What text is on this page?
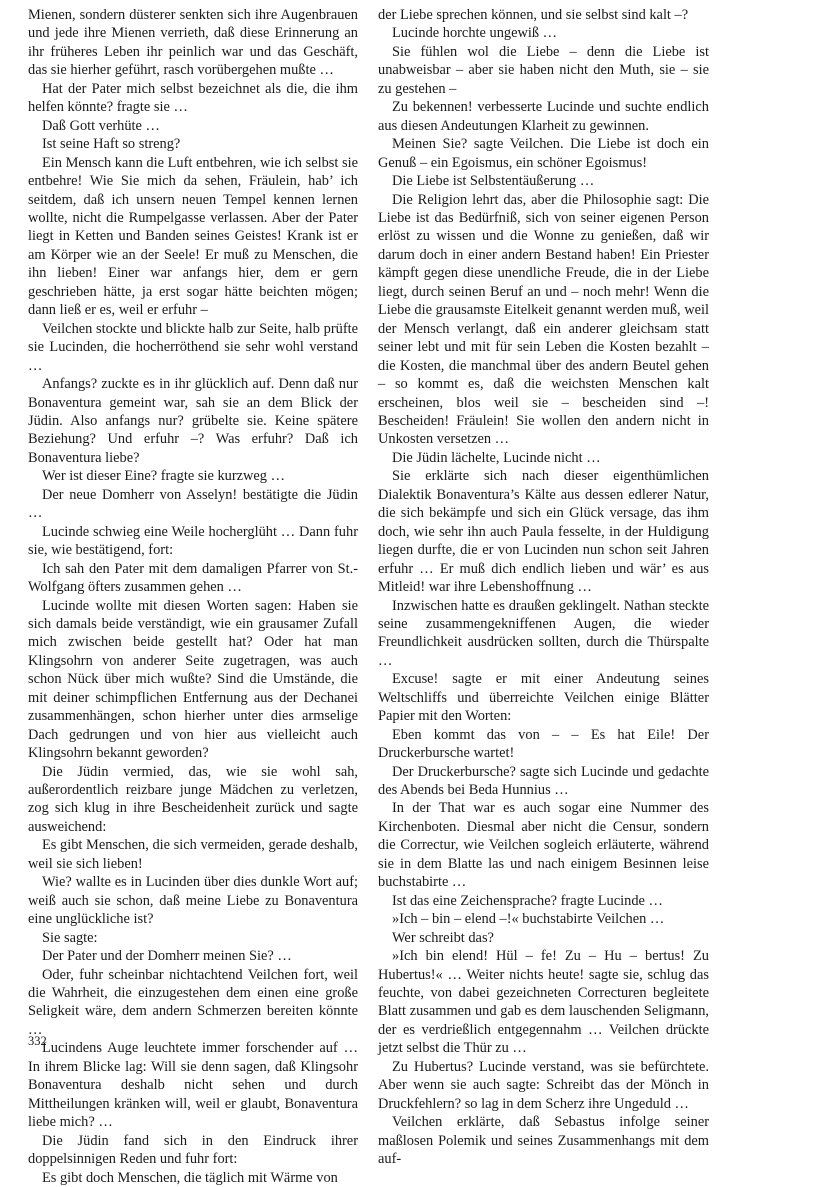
Mienen, sondern düsterer senkten sich ihre Augenbrauen und jede ihre Mienen verrieth, daß diese Erinnerung an ihr früheres Leben ihr peinlich war und das Geschäft, das sie hierher geführt, rasch vorübergehen mußte …

Hat der Pater mich selbst bezeichnet als die, die ihm helfen könnte? fragte sie …

Daß Gott verhüte …

Ist seine Haft so streng?

Ein Mensch kann die Luft entbehren, wie ich selbst sie entbehre! Wie Sie mich da sehen, Fräulein, hab’ ich seitdem, daß ich unsern neuen Tempel kennen lernen wollte, nicht die Rumpelgasse verlassen. Aber der Pater liegt in Ketten und Banden seines Geistes! Krank ist er am Körper wie an der Seele! Er muß zu Menschen, die ihn lieben! Einer war anfangs hier, dem er gern geschrieben hätte, ja erst sogar hätte beichten mögen; dann ließ er es, weil er erfuhr –

Veilchen stockte und blickte halb zur Seite, halb prüfte sie Lucinden, die hocherröthend sie sehr wohl verstand …

Anfangs? zuckte es in ihr glücklich auf. Denn daß nur Bonaventura gemeint war, sah sie an dem Blick der Jüdin. Also anfangs nur? grübelte sie. Keine spätere Beziehung? Und erfuhr –? Was erfuhr? Daß ich Bonaventura liebe?

Wer ist dieser Eine? fragte sie kurzweg …

Der neue Domherr von Asselyn! bestätigte die Jüdin …

Lucinde schwieg eine Weile hocherglüht … Dann fuhr sie, wie bestätigend, fort:

Ich sah den Pater mit dem damaligen Pfarrer von St.-Wolfgang öfters zusammen gehen …

Lucinde wollte mit diesen Worten sagen: Haben sie sich damals beide verständigt, wie ein grausamer Zufall mich zwischen beide gestellt hat? Oder hat man Klingsohrn von anderer Seite zugetragen, was auch schon Nück über mich wußte? Sind die Umstände, die mit deiner schimpflichen Entfernung aus der Dechanei zusammenhängen, schon hierher unter dies armselige Dach gedrungen und von hier aus vielleicht auch Klingsohrn bekannt geworden?

Die Jüdin vermied, das, wie sie wohl sah, außerordentlich reizbare junge Mädchen zu verletzen, zog sich klug in ihre Bescheidenheit zurück und sagte ausweichend:

Es gibt Menschen, die sich vermeiden, gerade deshalb, weil sie sich lieben!

Wie? wallte es in Lucinden über dies dunkle Wort auf; weiß auch sie schon, daß meine Liebe zu Bonaventura eine unglückliche ist?

Sie sagte:

Der Pater und der Domherr meinen Sie? …

Oder, fuhr scheinbar nichtachtend Veilchen fort, weil die Wahrheit, die einzugestehen dem einen eine große Seligkeit wäre, dem andern Schmerzen bereiten könnte …

Lucindens Auge leuchtete immer forschender auf … In ihrem Blicke lag: Will sie denn sagen, daß Klingsohr Bonaventura deshalb nicht sehen und durch Mittheilungen kränken will, weil er glaubt, Bonaventura liebe mich? …

Die Jüdin fand sich in den Eindruck ihrer doppelsinnigen Reden und fuhr fort:

Es gibt doch Menschen, die täglich mit Wärme von

der Liebe sprechen können, und sie selbst sind kalt –?

Lucinde horchte ungewiß …

Sie fühlen wol die Liebe – denn die Liebe ist unabweisbar – aber sie haben nicht den Muth, sie – sie zu gestehen –

Zu bekennen! verbesserte Lucinde und suchte endlich aus diesen Andeutungen Klarheit zu gewinnen.

Meinen Sie? sagte Veilchen. Die Liebe ist doch ein Genuß – ein Egoismus, ein schöner Egoismus!

Die Liebe ist Selbstentäußerung …

Die Religion lehrt das, aber die Philosophie sagt: Die Liebe ist das Bedürfniß, sich von seiner eigenen Person erlöst zu wissen und die Wonne zu genießen, daß wir darum doch in einer andern Bestand haben! Ein Priester kämpft gegen diese unendliche Freude, die in der Liebe liegt, durch seinen Beruf an und – noch mehr! Wenn die Liebe die grausamste Eitelkeit genannt werden muß, weil der Mensch verlangt, daß ein anderer gleichsam statt seiner lebt und mit für sein Leben die Kosten bezahlt – die Kosten, die manchmal über des andern Beutel gehen – so kommt es, daß die weichsten Menschen kalt erscheinen, blos weil sie – bescheiden sind –! Bescheiden! Fräulein! Sie wollen den andern nicht in Unkosten versetzen …

Die Jüdin lächelte, Lucinde nicht …

Sie erklärte sich nach dieser eigenthümlichen Dialektik Bonaventura’s Kälte aus dessen edlerer Natur, die sich bekämpfe und sich ein Glück versage, das ihm doch, wie sehr ihn auch Paula fesselte, in der Huldigung liegen durfte, die er von Lucinden nun schon seit Jahren erfuhr … Er muß dich endlich lieben und wär’ es aus Mitleid! war ihre Lebenshoffnung …

Inzwischen hatte es draußen geklingelt. Nathan steckte seine zusammengekniffenen Augen, die wieder Freundlichkeit ausdrücken sollten, durch die Thürspalte …

Excuse! sagte er mit einer Andeutung seines Weltschliffs und überreichte Veilchen einige Blätter Papier mit den Worten:

Eben kommt das von – – Es hat Eile! Der Druckerbursche wartet!

Der Druckerbursche? sagte sich Lucinde und gedachte des Abends bei Beda Hunnius …

In der That war es auch sogar eine Nummer des Kirchenboten. Diesmal aber nicht die Censur, sondern die Correctur, wie Veilchen sogleich erläuterte, während sie in dem Blatte las und nach einigem Besinnen leise buchstabirte …

Ist das eine Zeichensprache? fragte Lucinde …

»Ich – bin – elend –!« buchstabirte Veilchen …

Wer schreibt das?

»Ich bin elend! Hül – fe! Zu – Hu – bertus! Zu Hubertus!« … Weiter nichts heute! sagte sie, schlug das feuchte, von dabei gezeichneten Correcturen begleitete Blatt zusammen und gab es dem lauschenden Seligmann, der es verdrießlich entgegennahm … Veilchen drückte jetzt selbst die Thür zu …

Zu Hubertus? Lucinde verstand, was sie befürchtete. Aber wenn sie auch sagte: Schreibt das der Mönch in Druckfehlern? so lag in dem Scherz ihre Ungeduld …

Veilchen erklärte, daß Sebastus infolge seiner maßlosen Polemik und seines Zusammenhangs mit dem auf-

332
